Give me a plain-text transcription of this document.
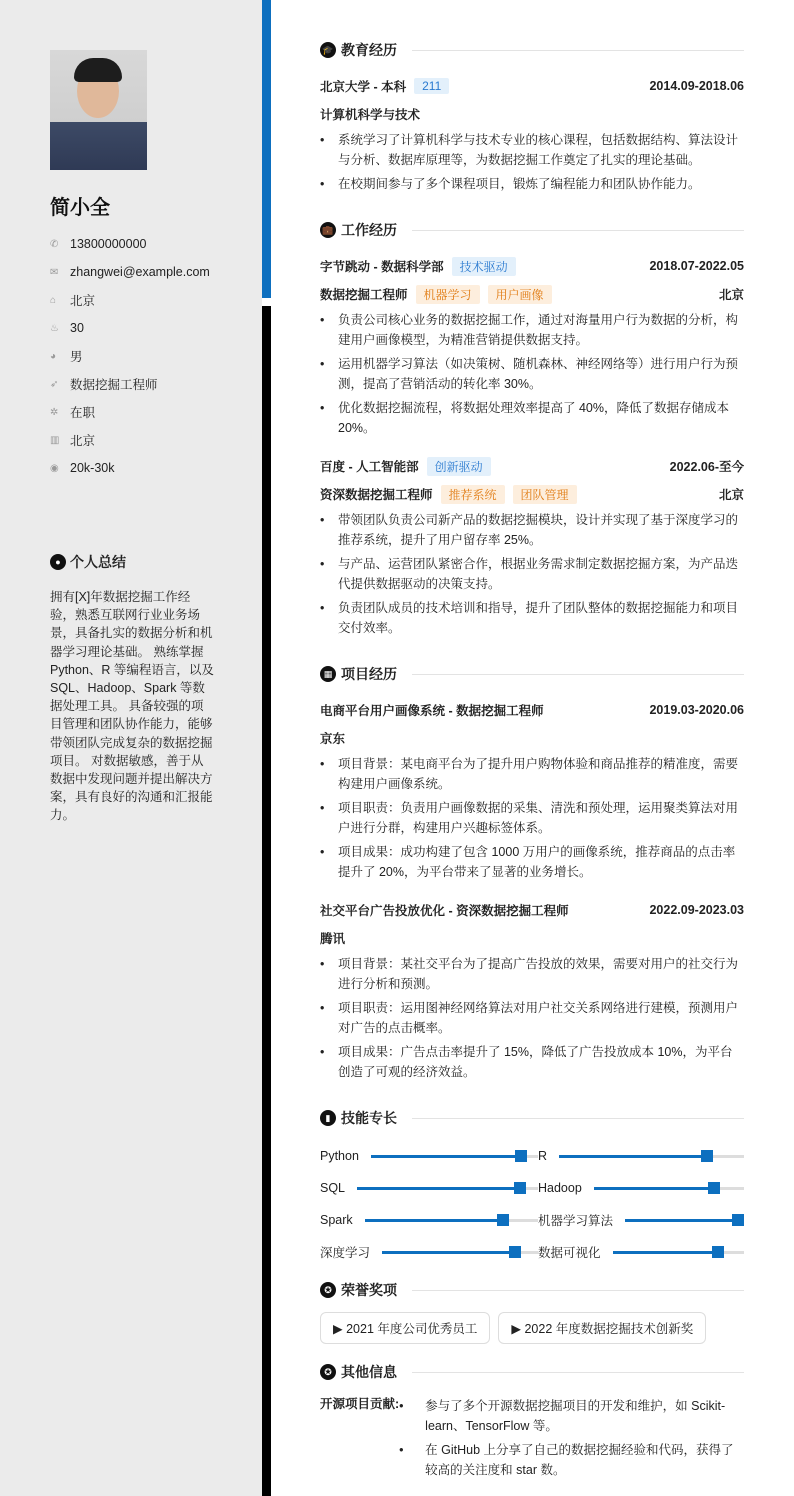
简小全
✆ 13800000000
✉ zhangwei@example.com
⌂	北京
♨ 30
◕	男
➶ 数据挖掘工程师
✲ 在职
▥ 北京
◉ 20k-30k
● 个人总结
拥有[X]年数据挖掘工作经验，熟悉互联网行业业务场景，具备扎实的数据分析和机器学习理论基础。 熟练掌握 Python、R 等编程语言，以及 SQL、Hadoop、Spark 等数据处理工具。 具备较强的项目管理和团队协作能力，能够带领团队完成复杂的数据挖掘项目。 对数据敏感，善于从数据中发现问题并提出解决方案，具有良好的沟通和汇报能力。
🎓 教育经历
北京大学 - 本科	211	2014.09-2018.06
计算机科学与技术
• 系统学习了计算机科学与技术专业的核心课程，包括数据结构、算法设计与分析、数据库原理等，为数据挖掘工作奠定了扎实的理论基础。
• 在校期间参与了多个课程项目，锻炼了编程能力和团队协作能力。
💼 工作经历
字节跳动 - 数据科学部	技术驱动	2018.07-2022.05
数据挖掘工程师	机器学习	用户画像	北京
• 负责公司核心业务的数据挖掘工作，通过对海量用户行为数据的分析，构建用户画像模型，为精准营销提供数据支持。
• 运用机器学习算法（如决策树、随机森林、神经网络等）进行用户行为预测，提高了营销活动的转化率 30%。
• 优化数据挖掘流程，将数据处理效率提高了 40%，降低了数据存储成本 20%。
百度 - 人工智能部	创新驱动	2022.06-至今
资深数据挖掘工程师	推荐系统	团队管理	北京
• 带领团队负责公司新产品的数据挖掘模块，设计并实现了基于深度学习的推荐系统，提升了用户留存率 25%。
• 与产品、运营团队紧密合作，根据业务需求制定数据挖掘方案，为产品迭代提供数据驱动的决策支持。
• 负责团队成员的技术培训和指导，提升了团队整体的数据挖掘能力和项目交付效率。
▦ 项目经历
电商平台用户画像系统 - 数据挖掘工程师	2019.03-2020.06
京东
• 项目背景：某电商平台为了提升用户购物体验和商品推荐的精准度，需要构建用户画像系统。
• 项目职责：负责用户画像数据的采集、清洗和预处理，运用聚类算法对用户进行分群，构建用户兴趣标签体系。
• 项目成果：成功构建了包含 1000 万用户的画像系统，推荐商品的点击率提升了 20%，为平台带来了显著的业务增长。
社交平台广告投放优化 - 资深数据挖掘工程师	2022.09-2023.03
腾讯
• 项目背景：某社交平台为了提高广告投放的效果，需要对用户的社交行为进行分析和预测。
• 项目职责：运用图神经网络算法对用户社交关系网络进行建模，预测用户对广告的点击概率。
• 项目成果：广告点击率提升了 15%，降低了广告投放成本 10%，为平台创造了可观的经济效益。
▮ 技能专长
Python	R
SQL	Hadoop
Spark	机器学习算法
深度学习	数据可视化
✪ 荣誉奖项
▶ 2021 年度公司优秀员工	▶ 2022 年度数据挖掘技术创新奖
✪ 其他信息
开源项目贡献:	• 参与了多个开源数据挖掘项目的开发和维护，如 Scikit-learn、TensorFlow 等。
• 在 GitHub 上分享了自己的数据挖掘经验和代码，获得了较高的关注度和 star 数。
